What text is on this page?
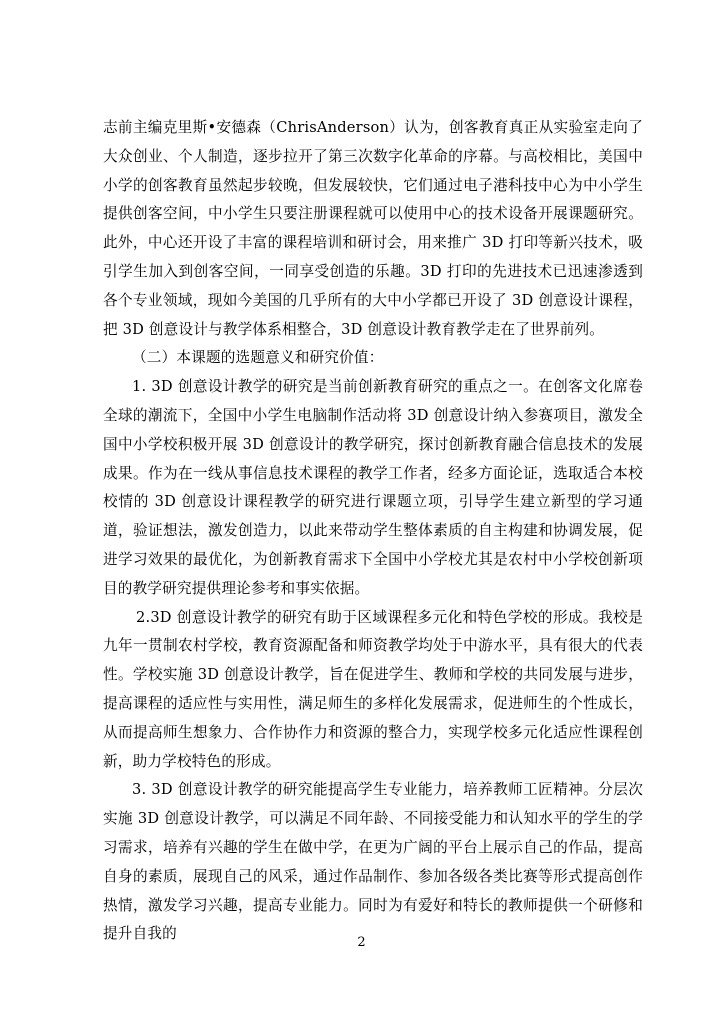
志前主编克里斯•安德森（ChrisAnderson）认为，创客教育真正从实验室走向了大众创业、个人制造，逐步拉开了第三次数字化革命的序幕。与高校相比，美国中小学的创客教育虽然起步较晚，但发展较快，它们通过电子港科技中心为中小学生提供创客空间，中小学生只要注册课程就可以使用中心的技术设备开展课题研究。此外，中心还开设了丰富的课程培训和研讨会，用来推广 3D 打印等新兴技术，吸引学生加入到创客空间，一同享受创造的乐趣。3D 打印的先进技术已迅速渗透到各个专业领域，现如今美国的几乎所有的大中小学都已开设了 3D 创意设计课程，把 3D 创意设计与教学体系相整合，3D 创意设计教育教学走在了世界前列。

（二）本课题的选题意义和研究价值：

1. 3D 创意设计教学的研究是当前创新教育研究的重点之一。在创客文化席卷全球的潮流下，全国中小学生电脑制作活动将 3D 创意设计纳入参赛项目，激发全国中小学校积极开展 3D 创意设计的教学研究，探讨创新教育融合信息技术的发展成果。作为在一线从事信息技术课程的教学工作者，经多方面论证，选取适合本校校情的 3D 创意设计课程教学的研究进行课题立项，引导学生建立新型的学习通道，验证想法，激发创造力，以此来带动学生整体素质的自主构建和协调发展，促进学习效果的最优化，为创新教育需求下全国中小学校尤其是农村中小学校创新项目的教学研究提供理论参考和事实依据。

2.3D 创意设计教学的研究有助于区域课程多元化和特色学校的形成。我校是九年一贯制农村学校，教育资源配备和师资教学均处于中游水平，具有很大的代表性。学校实施 3D 创意设计教学，旨在促进学生、教师和学校的共同发展与进步，提高课程的适应性与实用性，满足师生的多样化发展需求，促进师生的个性成长，从而提高师生想象力、合作协作力和资源的整合力，实现学校多元化适应性课程创新，助力学校特色的形成。

3. 3D 创意设计教学的研究能提高学生专业能力，培养教师工匠精神。分层次实施 3D 创意设计教学，可以满足不同年龄、不同接受能力和认知水平的学生的学习需求，培养有兴趣的学生在做中学，在更为广阔的平台上展示自己的作品，提高自身的素质，展现自己的风采，通过作品制作、参加各级各类比赛等形式提高创作热情，激发学习兴趣，提高专业能力。同时为有爱好和特长的教师提供一个研修和提升自我的

2
